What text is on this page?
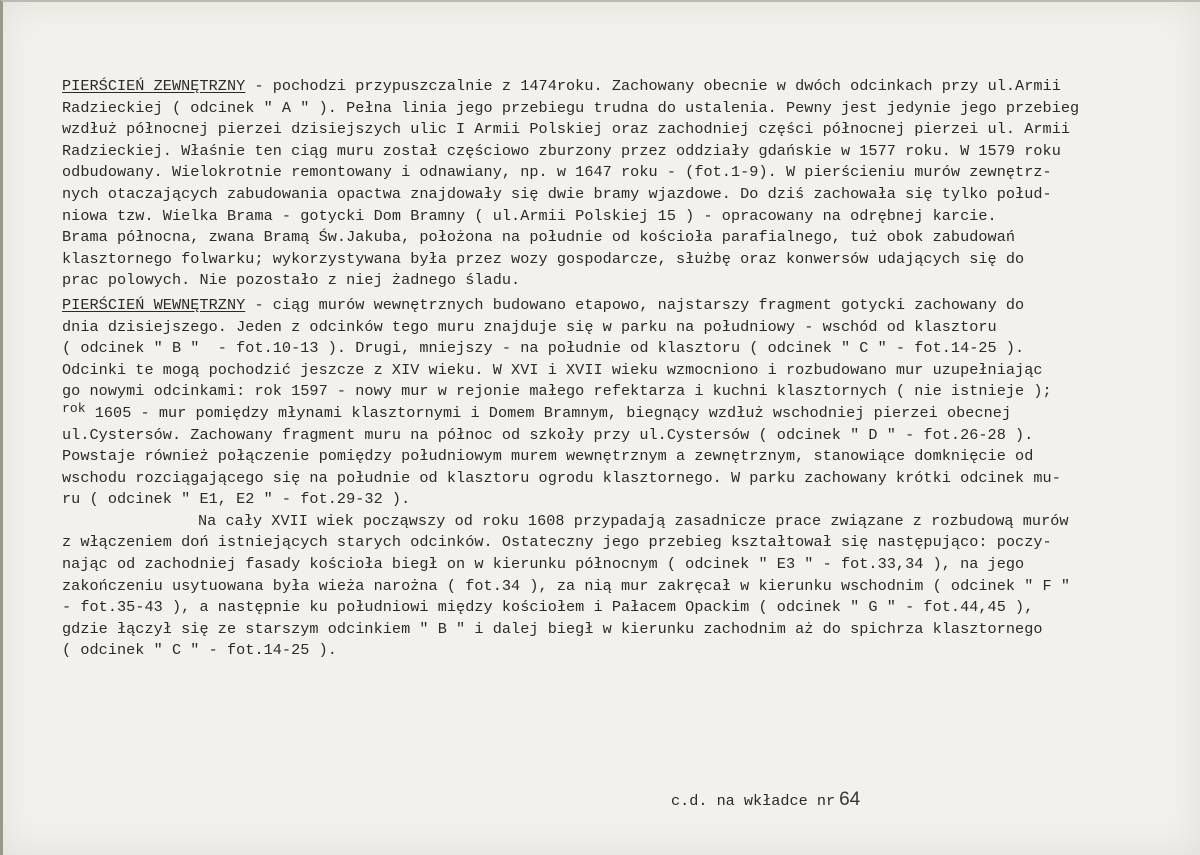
PIERŚCIEŃ ZEWNĘTRZNY - pochodzi przypuszczalnie z 1474roku. Zachowany obecnie w dwóch odcinkach przy ul.Armii
Radzieckiej ( odcinek " A " ). Pełna linia jego przebiegu trudna do ustalenia. Pewny jest jedynie jego przebieg
wzdłuż północnej pierzei dzisiejszych ulic I Armii Polskiej oraz zachodniej części północnej pierzei ul. Armii
Radzieckiej. Właśnie ten ciąg muru został częściowo zburzony przez oddziały gdańskie w 1577 roku. W 1579 roku
odbudowany. Wielokrotnie remontowany i odnawiany, np. w 1647 roku - (fot.1-9). W pierścieniu murów zewnętrz-
nych otaczających zabudowania opactwa znajdowały się dwie bramy wjazdowe. Do dziś zachowała się tylko połud-
niowa tzw. Wielka Brama - gotycki Dom Bramny ( ul.Armii Polskiej 15 ) - opracowany na odrębnej karcie.
Brama północna, zwana Bramą Św.Jakuba, położona na południe od kościoła parafialnego, tuż obok zabudowań
klasztornego folwarku; wykorzystywana była przez wozy gospodarcze, służbę oraz konwersów udających się do
prac polowych. Nie pozostało z niej żadnego śladu.
PIERŚCIEŃ WEWNĘTRZNY - ciąg murów wewnętrznych budowano etapowo, najstarszy fragment gotycki zachowany do
dnia dzisiejszego. Jeden z odcinków tego muru znajduje się w parku na południowy - wschód od klasztoru
( odcinek " B "  - fot.10-13 ). Drugi, mniejszy - na południe od klasztoru ( odcinek " C " - fot.14-25 ).
Odcinki te mogą pochodzić jeszcze z XIV wieku. W XVI i XVII wieku wzmocniono i rozbudowano mur uzupełniając
go nowymi odcinkami: rok 1597 - nowy mur w rejonie małego refektarza i kuchni klasztornych ( nie istnieje );
rok 1605 - mur pomiędzy młynami klasztornymi i Domem Bramnym, biegnący wzdłuż wschodniej pierzei obecnej
ul.Cystersów. Zachowany fragment muru na północ od szkoły przy ul.Cystersów ( odcinek " D " - fot.26-28 ).
Powstaje również połączenie pomiędzy południowym murem wewnętrznym a zewnętrznym, stanowiące domknięcie od
wschodu rozciągającego się na południe od klasztoru ogrodu klasztornego. W parku zachowany krótki odcinek mu-
ru ( odcinek " E1, E2 " - fot.29-32 ).
Na cały XVII wiek począwszy od roku 1608 przypadają zasadnicze prace związane z rozbudową murów
z włączeniem doń istniejących starych odcinków. Ostateczny jego przebieg kształtował się następująco: poczy-
nając od zachodniej fasady kościoła biegł on w kierunku północnym ( odcinek " E3 " - fot.33,34 ), na jego
zakończeniu usytuowana była wieża narożna ( fot.34 ), za nią mur zakręcał w kierunku wschodnim ( odcinek " F "
- fot.35-43 ), a następnie ku południowi między kościołem i Pałacem Opackim ( odcinek " G " - fot.44,45 ),
gdzie łączył się ze starszym odcinkiem " B " i dalej biegł w kierunku zachodnim aż do spichrza klasztornego
( odcinek " C " - fot.14-25 ).
c.d. na wkładce nr 64
